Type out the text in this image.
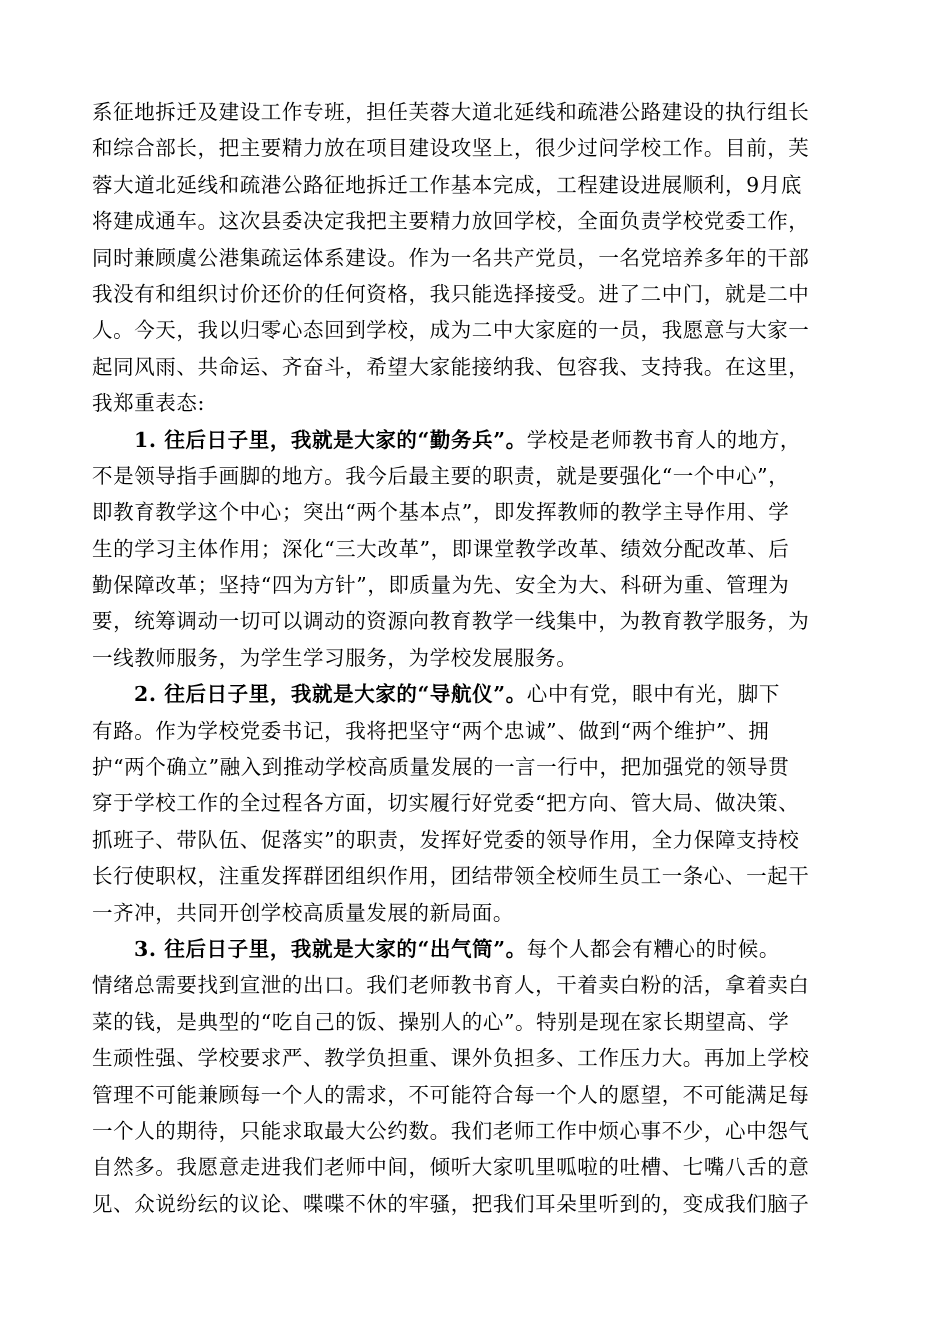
系征地拆迁及建设工作专班，担任芙蓉大道北延线和疏港公路建设的执行组长
和综合部长，把主要精力放在项目建设攻坚上，很少过问学校工作。目前，芙
蓉大道北延线和疏港公路征地拆迁工作基本完成，工程建设进展顺利，9月底
将建成通车。这次县委决定我把主要精力放回学校，全面负责学校党委工作，
同时兼顾虞公港集疏运体系建设。作为一名共产党员，一名党培养多年的干部
我没有和组织讨价还价的任何资格，我只能选择接受。进了二中门，就是二中
人。今天，我以归零心态回到学校，成为二中大家庭的一员，我愿意与大家一
起同风雨、共命运、齐奋斗，希望大家能接纳我、包容我、支持我。在这里，
我郑重表态:
1. 往后日子里，我就是大家的“勤务兵”。学校是老师教书育人的地方，
不是领导指手画脚的地方。我今后最主要的职责，就是要强化“一个中心”，
即教育教学这个中心；突出“两个基本点”，即发挥教师的教学主导作用、学
生的学习主体作用；深化“三大改革”，即课堂教学改革、绩效分配改革、后
勤保障改革；坚持“四为方针”，即质量为先、安全为大、科研为重、管理为
要，统筹调动一切可以调动的资源向教育教学一线集中，为教育教学服务，为
一线教师服务，为学生学习服务，为学校发展服务。
2. 往后日子里，我就是大家的“导航仪”。心中有党，眼中有光，脚下
有路。作为学校党委书记，我将把坚守“两个忠诚”、做到“两个维护”、拥
护“两个确立”融入到推动学校高质量发展的一言一行中，把加强党的领导贯
穿于学校工作的全过程各方面，切实履行好党委“把方向、管大局、做决策、
抓班子、带队伍、促落实”的职责，发挥好党委的领导作用，全力保障支持校
长行使职权，注重发挥群团组织作用，团结带领全校师生员工一条心、一起干
一齐冲，共同开创学校高质量发展的新局面。
3. 往后日子里，我就是大家的“出气筒”。每个人都会有糟心的时候。
情绪总需要找到宣泄的出口。我们老师教书育人，干着卖白粉的活，拿着卖白
菜的钱，是典型的“吃自己的饭、操别人的心”。特别是现在家长期望高、学
生顽性强、学校要求严、教学负担重、课外负担多、工作压力大。再加上学校
管理不可能兼顾每一个人的需求，不可能符合每一个人的愿望，不可能满足每
一个人的期待，只能求取最大公约数。我们老师工作中烦心事不少，心中怨气
自然多。我愿意走进我们老师中间，倾听大家叽里呱啦的吐槽、七嘴八舌的意
见、众说纷纭的议论、喋喋不休的牢骚，把我们耳朵里听到的，变成我们脑子
